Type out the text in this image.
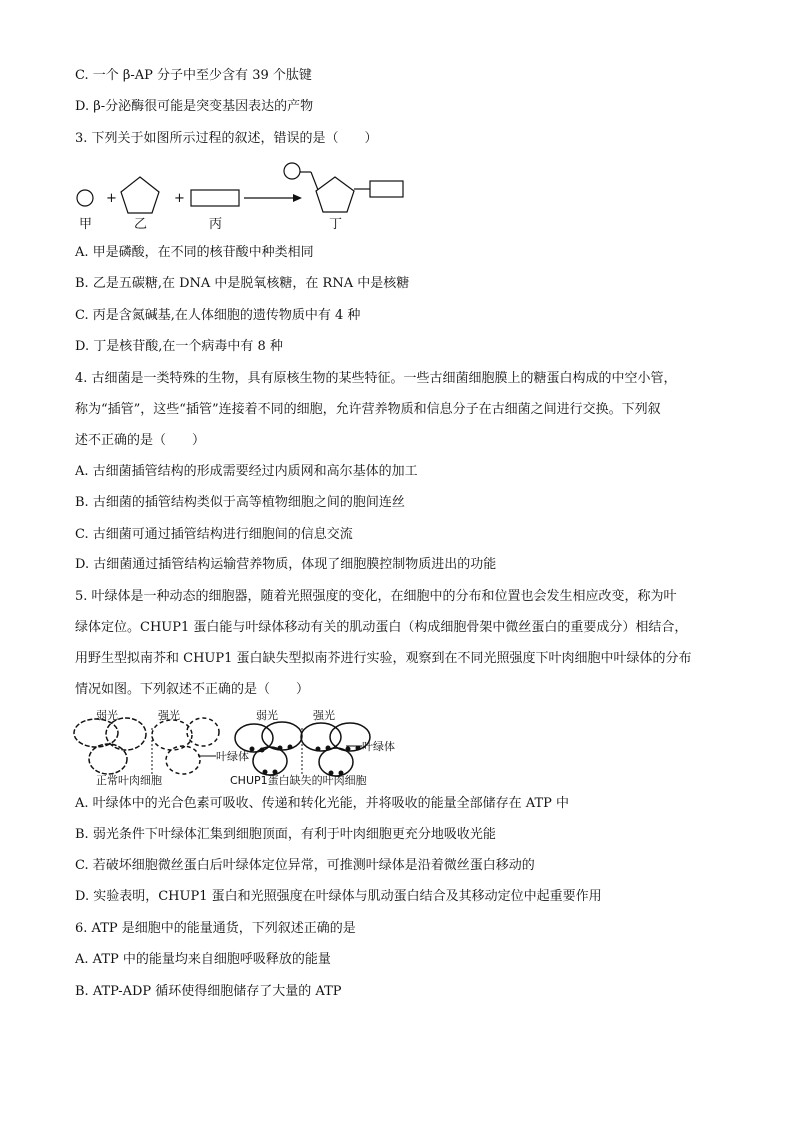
C. 一个 β-AP 分子中至少含有 39 个肽键
D. β-分泌酶很可能是突变基因表达的产物
3. 下列关于如图所示过程的叙述，错误的是（　　）
+	+
甲	乙	丙	丁
A. 甲是磷酸，在不同的核苷酸中种类相同
B. 乙是五碳糖,在 DNA 中是脱氧核糖，在 RNA 中是核糖
C. 丙是含氮碱基,在人体细胞的遗传物质中有 4 种
D. 丁是核苷酸,在一个病毒中有 8 种
4. 古细菌是一类特殊的生物，具有原核生物的某些特征。一些古细菌细胞膜上的糖蛋白构成的中空小管，
称为“插管”，这些“插管”连接着不同的细胞，允许营养物质和信息分子在古细菌之间进行交换。下列叙
述不正确的是（　　）
A. 古细菌插管结构的形成需要经过内质网和高尔基体的加工
B. 古细菌的插管结构类似于高等植物细胞之间的胞间连丝
C. 古细菌可通过插管结构进行细胞间的信息交流
D. 古细菌通过插管结构运输营养物质，体现了细胞膜控制物质进出的功能
5. 叶绿体是一种动态的细胞器，随着光照强度的变化，在细胞中的分布和位置也会发生相应改变，称为叶
绿体定位。CHUP1 蛋白能与叶绿体移动有关的肌动蛋白（构成细胞骨架中微丝蛋白的重要成分）相结合，
用野生型拟南芥和 CHUP1 蛋白缺失型拟南芥进行实验，观察到在不同光照强度下叶肉细胞中叶绿体的分布
情况如图。下列叙述不正确的是（　　）
弱光	强光	弱光	强光
叶绿体
叶绿体
正常叶肉细胞	CHUP1蛋白缺失的叶肉细胞
A. 叶绿体中的光合色素可吸收、传递和转化光能，并将吸收的能量全部储存在 ATP 中
B. 弱光条件下叶绿体汇集到细胞顶面，有利于叶肉细胞更充分地吸收光能
C. 若破坏细胞微丝蛋白后叶绿体定位异常，可推测叶绿体是沿着微丝蛋白移动的
D. 实验表明，CHUP1 蛋白和光照强度在叶绿体与肌动蛋白结合及其移动定位中起重要作用
6. ATP 是细胞中的能量通货，下列叙述正确的是
A. ATP 中的能量均来自细胞呼吸释放的能量
B. ATP-ADP 循环使得细胞储存了大量的 ATP
